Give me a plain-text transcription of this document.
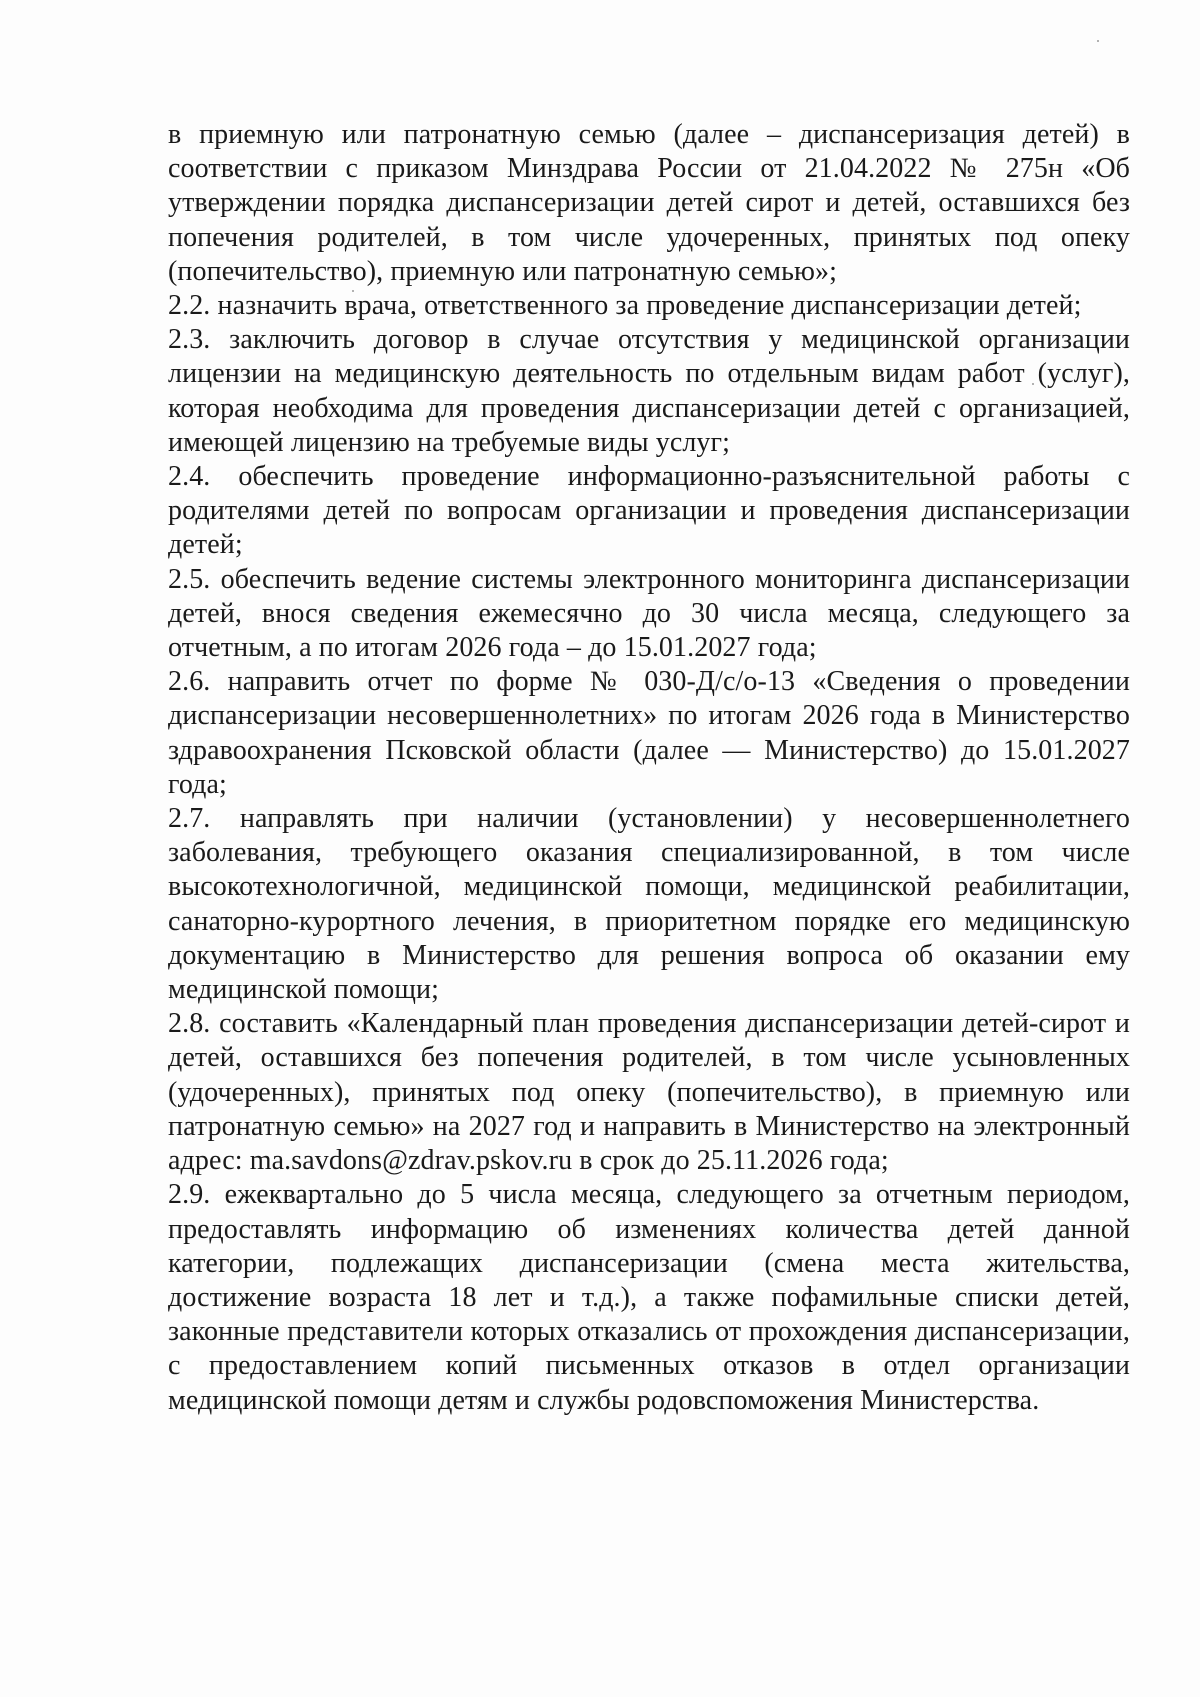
в приемную или патронатную семью (далее – диспансеризация детей) в соответствии с приказом Минздрава России от 21.04.2022 № 275н «Об утверждении порядка диспансеризации детей сирот и детей, оставшихся без попечения родителей, в том числе удочеренных, принятых под опеку (попечительство), приемную или патронатную семью»;

2.2. назначить врача, ответственного за проведение диспансеризации детей;

2.3. заключить договор в случае отсутствия у медицинской организации лицензии на медицинскую деятельность по отдельным видам работ (услуг), которая необходима для проведения диспансеризации детей с организацией, имеющей лицензию на требуемые виды услуг;

2.4. обеспечить проведение информационно-разъяснительной работы с родителями детей по вопросам организации и проведения диспансеризации детей;

2.5. обеспечить ведение системы электронного мониторинга диспансеризации детей, внося сведения ежемесячно до 30 числа месяца, следующего за отчетным, а по итогам 2026 года – до 15.01.2027 года;

2.6. направить отчет по форме № 030-Д/с/о-13 «Сведения о проведении диспансеризации несовершеннолетних» по итогам 2026 года в Министерство здравоохранения Псковской области (далее — Министерство) до 15.01.2027 года;

2.7. направлять при наличии (установлении) у несовершеннолетнего заболевания, требующего оказания специализированной, в том числе высокотехнологичной, медицинской помощи, медицинской реабилитации, санаторно-курортного лечения, в приоритетном порядке его медицинскую документацию в Министерство для решения вопроса об оказании ему медицинской помощи;

2.8. составить «Календарный план проведения диспансеризации детей-сирот и детей, оставшихся без попечения родителей, в том числе усыновленных (удочеренных), принятых под опеку (попечительство), в приемную или патронатную семью» на 2027 год и направить в Министерство на электронный адрес: ma.savdons@zdrav.pskov.ru в срок до 25.11.2026 года;

2.9. ежеквартально до 5 числа месяца, следующего за отчетным периодом, предоставлять информацию об изменениях количества детей данной категории, подлежащих диспансеризации (смена места жительства, достижение возраста 18 лет и т.д.), а также пофамильные списки детей, законные представители которых отказались от прохождения диспансеризации, с предоставлением копий письменных отказов в отдел организации медицинской помощи детям и службы родовспоможения Министерства.
